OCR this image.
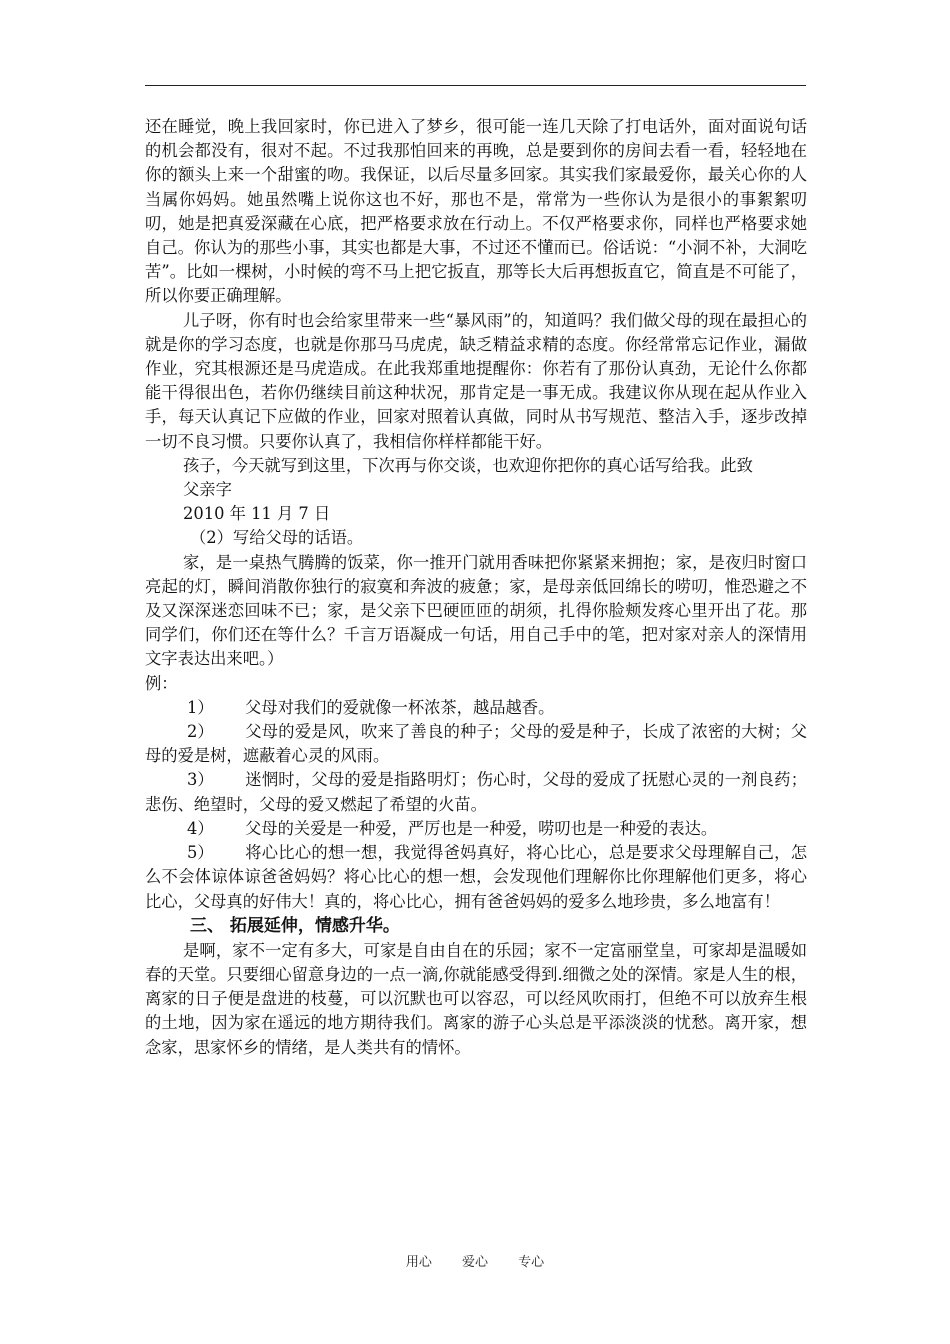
还在睡觉，晚上我回家时，你已进入了梦乡，很可能一连几天除了打电话外，面对面说句话的机会都没有，很对不起。不过我那怕回来的再晚，总是要到你的房间去看一看，轻轻地在你的额头上来一个甜蜜的吻。我保证，以后尽量多回家。其实我们家最爱你，最关心你的人当属你妈妈。她虽然嘴上说你这也不好，那也不是，常常为一些你认为是很小的事絮絮叨叨，她是把真爱深藏在心底，把严格要求放在行动上。不仅严格要求你，同样也严格要求她自己。你认为的那些小事，其实也都是大事，不过还不懂而已。俗话说：“小洞不补，大洞吃苦”。比如一棵树，小时候的弯不马上把它扳直，那等长大后再想扳直它，简直是不可能了，所以你要正确理解。

儿子呀，你有时也会给家里带来一些“暴风雨”的，知道吗？我们做父母的现在最担心的就是你的学习态度，也就是你那马马虎虎，缺乏精益求精的态度。你经常常忘记作业，漏做作业，究其根源还是马虎造成。在此我郑重地提醒你：你若有了那份认真劲，无论什么你都能干得很出色，若你仍继续目前这种状况，那肯定是一事无成。我建议你从现在起从作业入手，每天认真记下应做的作业，回家对照着认真做，同时从书写规范、整洁入手，逐步改掉一切不良习惯。只要你认真了，我相信你样样都能干好。

孩子，今天就写到这里，下次再与你交谈，也欢迎你把你的真心话写给我。此致

父亲字

2010 年 11 月 7 日

（2）写给父母的话语。

家，是一桌热气腾腾的饭菜，你一推开门就用香味把你紧紧来拥抱；家，是夜归时窗口亮起的灯，瞬间消散你独行的寂寞和奔波的疲惫；家，是母亲低回绵长的唠叨，惟恐避之不及又深深迷恋回味不已；家，是父亲下巴硬匝匝的胡须，扎得你脸颊发疼心里开出了花。那同学们，你们还在等什么？千言万语凝成一句话，用自己手中的笔，把对家对亲人的深情用文字表达出来吧。）

例：

1） 父母对我们的爱就像一杯浓茶，越品越香。

2） 父母的爱是风，吹来了善良的种子；父母的爱是种子，长成了浓密的大树；父母的爱是树，遮蔽着心灵的风雨。

3） 迷惘时，父母的爱是指路明灯；伤心时，父母的爱成了抚慰心灵的一剂良药；悲伤、绝望时，父母的爱又燃起了希望的火苗。

4） 父母的关爱是一种爱，严厉也是一种爱，唠叨也是一种爱的表达。

5） 将心比心的想一想，我觉得爸妈真好，将心比心，总是要求父母理解自己，怎么不会体谅体谅爸爸妈妈？将心比心的想一想，会发现他们理解你比你理解他们更多，将心比心，父母真的好伟大！真的，将心比心，拥有爸爸妈妈的爱多么地珍贵，多么地富有！

三、 拓展延伸，情感升华。

是啊，家不一定有多大，可家是自由自在的乐园；家不一定富丽堂皇，可家却是温暖如春的天堂。只要细心留意身边的一点一滴,你就能感受得到.细微之处的深情。家是人生的根，离家的日子便是盘进的枝蔓，可以沉默也可以容忍，可以经风吹雨打，但绝不可以放弃生根的土地，因为家在遥远的地方期待我们。离家的游子心头总是平添淡淡的忧愁。离开家，想念家，思家怀乡的情绪，是人类共有的情怀。

用心 爱心 专心
